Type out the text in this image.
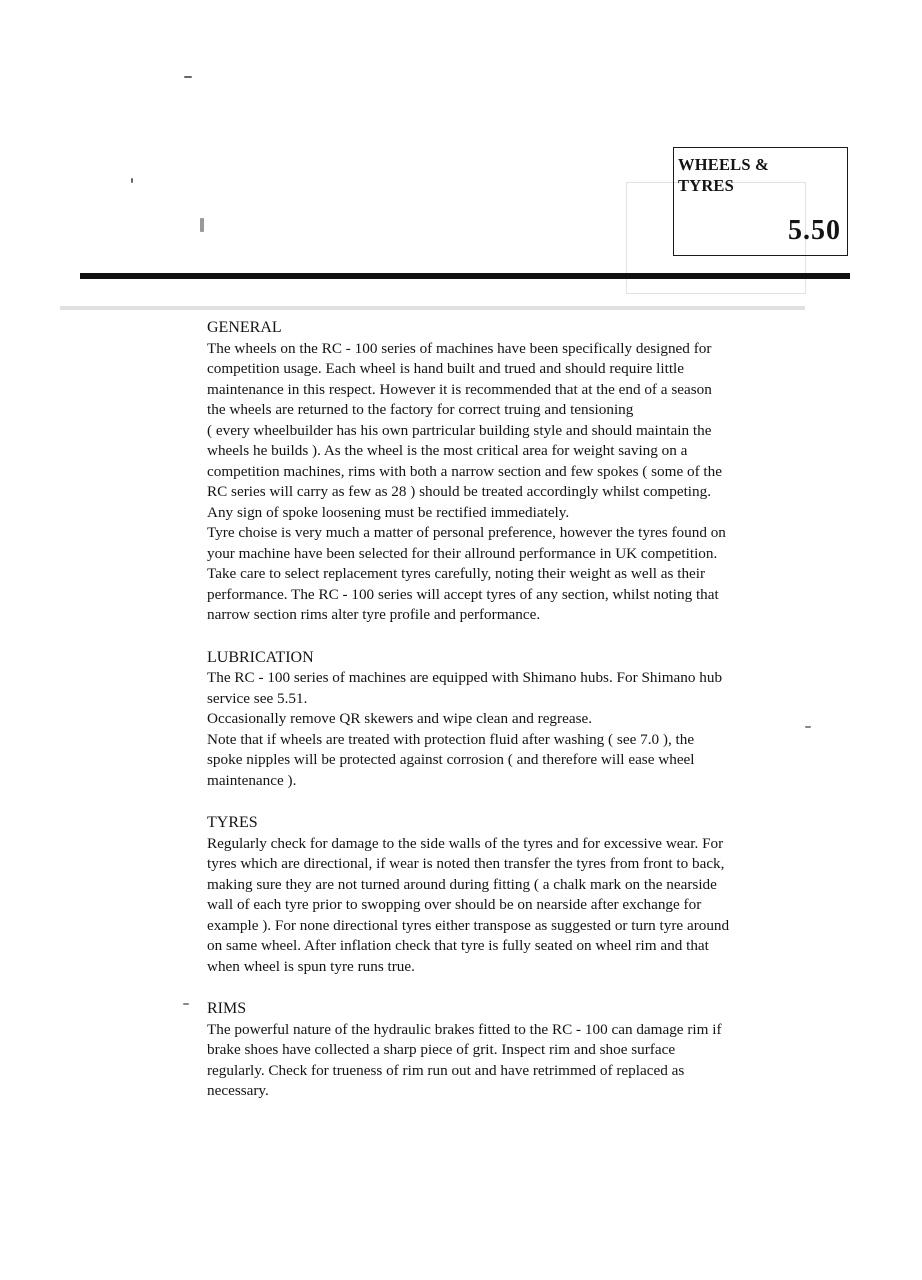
WHEELS &
TYRES
5.50
GENERAL
The wheels on the RC - 100 series of machines have been specifically designed for competition usage. Each wheel is hand built and trued and should require little maintenance in this respect. However it is recommended that at the end of a season the wheels are returned to the factory for correct truing and tensioning
( every wheelbuilder has his own partricular building style and should maintain the wheels he builds ). As the wheel is the most critical area for weight saving on a competition machines, rims with both a narrow section and few spokes ( some of the RC series will carry as few as 28 ) should be treated accordingly whilst competing. Any sign of spoke loosening must be rectified immediately.
Tyre choise is very much a matter of personal preference, however the tyres found on your machine have been selected for their allround performance in UK competition. Take care to select replacement tyres carefully, noting their weight as well as their performance. The RC - 100 series will accept tyres of any section, whilst noting that narrow section rims alter tyre profile and performance.
LUBRICATION
The RC - 100 series of machines are equipped with Shimano hubs. For Shimano hub service see 5.51.
Occasionally remove QR skewers and wipe clean and regrease.
Note that if wheels are treated with protection fluid after washing ( see 7.0 ), the spoke nipples will be protected against corrosion ( and therefore will ease wheel maintenance ).
TYRES
Regularly check for damage to the side walls of the tyres and for excessive wear. For tyres which are directional, if wear is noted then transfer the tyres from front to back, making sure they are not turned around during fitting ( a chalk mark on the nearside wall of each tyre prior to swopping over should be on nearside after exchange for example ). For none directional tyres either transpose as suggested or turn tyre around on same wheel. After inflation check that tyre is fully seated on wheel rim and that when wheel is spun tyre runs true.
RIMS
The powerful nature of the hydraulic brakes fitted to the RC - 100 can damage rim if brake shoes have collected a sharp piece of grit. Inspect rim and shoe surface regularly. Check for trueness of rim run out and have retrimmed of replaced as necessary.
